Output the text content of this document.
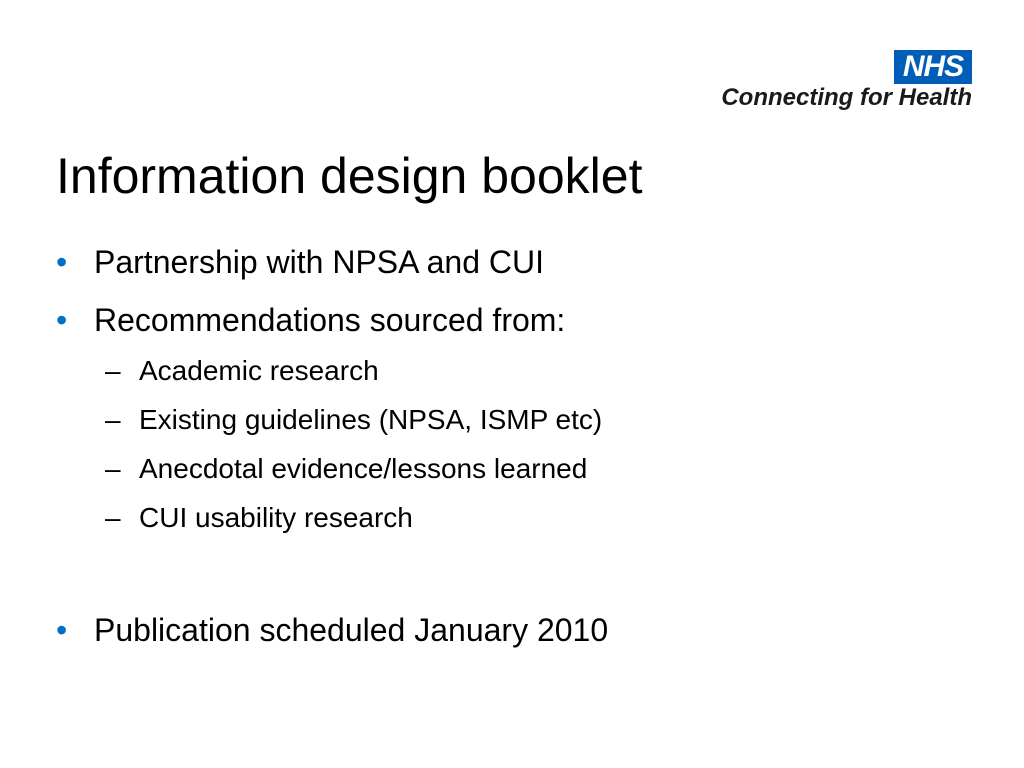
NHS
Connecting for Health
Information design booklet
• Partnership with NPSA and CUI
• Recommendations sourced from:
– Academic research
– Existing guidelines (NPSA, ISMP etc)
– Anecdotal evidence/lessons learned
– CUI usability research
• Publication scheduled January 2010
